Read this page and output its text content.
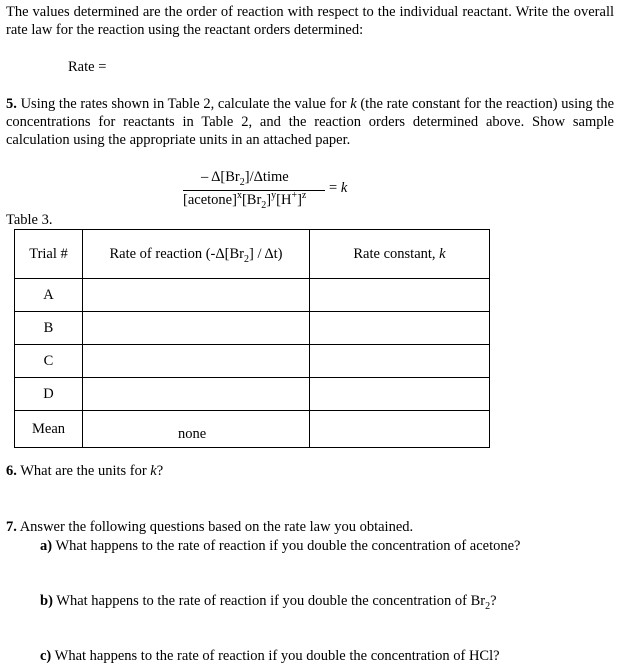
The values determined are the order of reaction with respect to the individual reactant. Write the overall rate law for the reaction using the reactant orders determined:
Rate =
5. Using the rates shown in Table 2, calculate the value for k (the rate constant for the reaction) using the concentrations for reactants in Table 2, and the reaction orders determined above. Show sample calculation using the appropriate units in an attached paper.
– $\Delta[Br_2]$/Δtime
$[acetone]^x[Br_2]^y[H^+]^z = k$
Table 3.
Trial #	Rate of reaction $(-\Delta[Br_2] / \Delta t)$	Rate constant, k
A		
B		
C		
D		
Mean	none	
6. What are the units for k?
7. Answer the following questions based on the rate law you obtained.
a) What happens to the rate of reaction if you double the concentration of acetone?
b) What happens to the rate of reaction if you double the concentration of $Br_2$?
c) What happens to the rate of reaction if you double the concentration of HCl?
